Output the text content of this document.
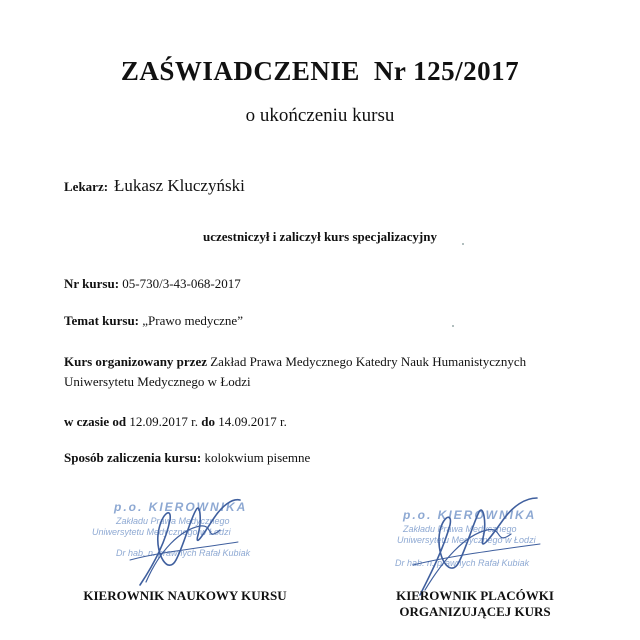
ZAŚWIADCZENIE Nr 125/2017
o ukończeniu kursu
Lekarz: Łukasz Kluczyński
uczestniczył i zaliczył kurs specjalizacyjny
Nr kursu: 05-730/3-43-068-2017
Temat kursu: „Prawo medyczne”
Kurs organizowany przez Zakład Prawa Medycznego Katedry Nauk Humanistycznych
Uniwersytetu Medycznego w Łodzi
w czasie od 12.09.2017 r. do 14.09.2017 r.
Sposób zaliczenia kursu: kolokwium pisemne
p.o. KIEROWNIKA
Zakładu Prawa Medycznego
Uniwersytetu Medycznego w Łodzi
Dr hab. n. prawnych Rafał Kubiak
p.o. KIEROWNIKA
Zakładu Prawa Medycznego
Uniwersytetu Medycznego w Łodzi
Dr hab. n. prawnych Rafał Kubiak
KIEROWNIK NAUKOWY KURSU	KIEROWNIK PLACÓWKI
ORGANIZUJĄCEJ KURS
